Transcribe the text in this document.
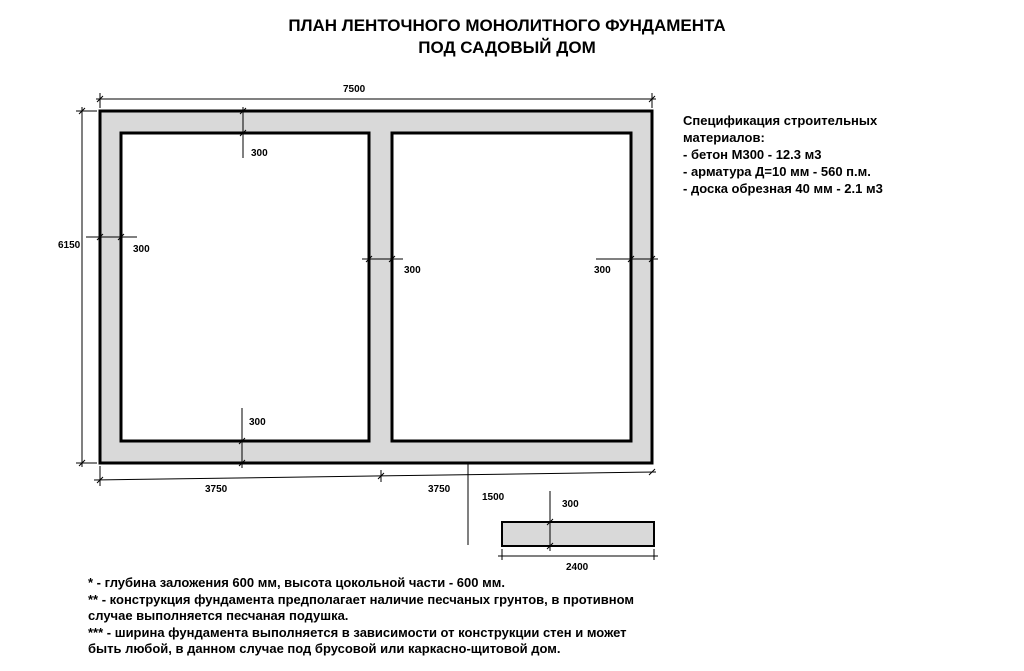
ПЛАН ЛЕНТОЧНОГО МОНОЛИТНОГО ФУНДАМЕНТА
ПОД САДОВЫЙ ДОМ
7500
6150
300
300
300	300
300
3750	3750
1500
300
2400
Спецификация строительных
материалов:
- бетон М300 - 12.3 м3
- арматура Д=10 мм - 560 п.м.
- доска обрезная 40 мм - 2.1 м3
* - глубина заложения 600 мм, высота цокольной части - 600 мм.
** - конструкция фундамента предполагает наличие песчаных грунтов, в противном
случае выполняется песчаная подушка.
*** - ширина фундамента выполняется в зависимости от конструкции стен и может
быть любой, в данном случае под брусовой или каркасно-щитовой дом.
